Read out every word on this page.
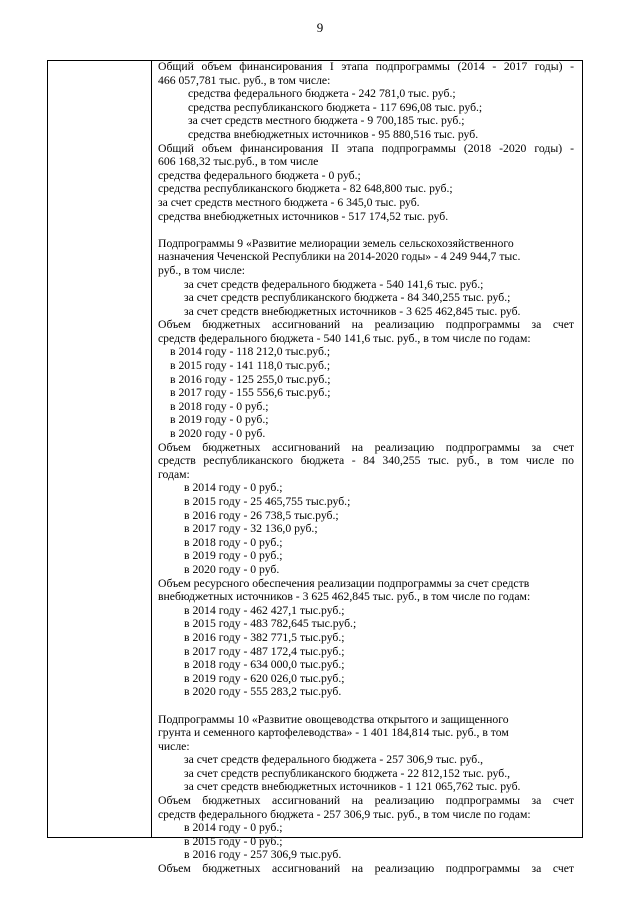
9
Общий объем финансирования I этапа подпрограммы (2014 - 2017 годы) -
466 057,781 тыс. руб., в том числе:
средства федерального бюджета - 242 781,0 тыс. руб.;
средства республиканского бюджета - 117 696,08 тыс. руб.;
за счет средств местного бюджета - 9 700,185 тыс. руб.;
средства внебюджетных источников - 95 880,516 тыс. руб.
Общий объем финансирования II этапа подпрограммы (2018 -2020 годы) -
606 168,32 тыс.руб., в том числе
средства федерального бюджета - 0 руб.;
средства республиканского бюджета - 82 648,800 тыс. руб.;
за счет средств местного бюджета - 6 345,0 тыс. руб.
средства внебюджетных источников - 517 174,52 тыс. руб.
Подпрограммы 9 «Развитие мелиорации земель сельскохозяйственного
назначения Чеченской Республики на 2014-2020 годы» - 4 249 944,7 тыс.
руб., в том числе:
за счет средств федерального бюджета - 540 141,6 тыс. руб.;
за счет средств республиканского бюджета - 84 340,255 тыс. руб.;
за счет средств внебюджетных источников - 3 625 462,845 тыс. руб.
Объем бюджетных ассигнований на реализацию подпрограммы за счет
средств федерального бюджета - 540 141,6 тыс. руб., в том числе по годам:
в 2014 году - 118 212,0 тыс.руб.;
в 2015 году - 141 118,0 тыс.руб.;
в 2016 году - 125 255,0 тыс.руб.;
в 2017 году - 155 556,6 тыс.руб.;
в 2018 году - 0 руб.;
в 2019 году - 0 руб.;
в 2020 году - 0 руб.
Объем бюджетных ассигнований на реализацию подпрограммы за счет
средств республиканского бюджета - 84 340,255 тыс. руб., в том числе по
годам:
в 2014 году - 0 руб.;
в 2015 году - 25 465,755 тыс.руб.;
в 2016 году - 26 738,5 тыс.руб.;
в 2017 году - 32 136,0 руб.;
в 2018 году - 0 руб.;
в 2019 году - 0 руб.;
в 2020 году - 0 руб.
Объем ресурсного обеспечения реализации подпрограммы за счет средств
внебюджетных источников - 3 625 462,845 тыс. руб., в том числе по годам:
в 2014 году - 462 427,1 тыс.руб.;
в 2015 году - 483 782,645 тыс.руб.;
в 2016 году - 382 771,5 тыс.руб.;
в 2017 году - 487 172,4 тыс.руб.;
в 2018 году - 634 000,0 тыс.руб.;
в 2019 году - 620 026,0 тыс.руб.;
в 2020 году - 555 283,2 тыс.руб.
Подпрограммы 10 «Развитие овощеводства открытого и защищенного
грунта и семенного картофелеводства» - 1 401 184,814 тыс. руб., в том
числе:
за счет средств федерального бюджета - 257 306,9 тыс. руб.,
за счет средств республиканского бюджета - 22 812,152 тыс. руб.,
за счет средств внебюджетных источников - 1 121 065,762 тыс. руб.
Объем бюджетных ассигнований на реализацию подпрограммы за счет
средств федерального бюджета - 257 306,9 тыс. руб., в том числе по годам:
в 2014 году - 0 руб.;
в 2015 году - 0 руб.;
в 2016 году - 257 306,9 тыс.руб.
Объем бюджетных ассигнований на реализацию подпрограммы за счет
